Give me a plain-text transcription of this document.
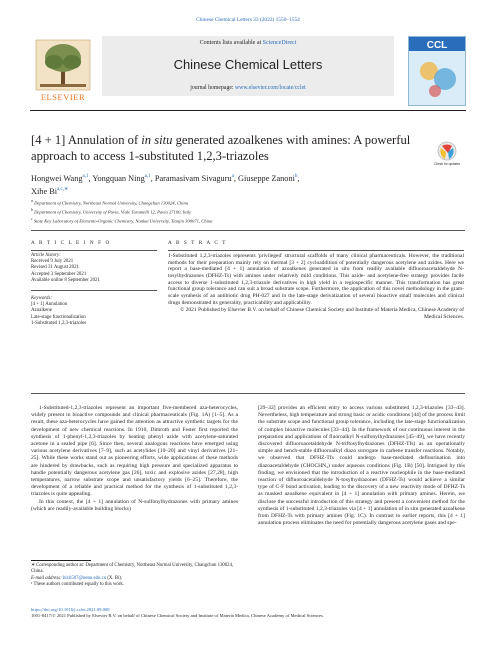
Chinese Chemical Letters 33 (2022) 1550–1554
ELSEVIER
Contents lists available at ScienceDirect
Chinese Chemical Letters
journal homepage: www.elsevier.com/locate/cclet
CCL
[4 + 1] Annulation of in situ generated azoalkenes with amines: A powerful approach to access 1-substituted 1,2,3-triazoles
Check for updates
Hongwei Wang$^{a,1}$, Yongquan Ning$^{a,1}$, Paramasivam Sivaguru$^a$, Giuseppe Zanoni$^b$,
Xihe $Bi^{a,c,∗}$
$^a$ Department of Chemistry, Northeast Normal University, Changchun 130024, China
$^b$ Department of Chemistry, University of Pavia, Viale Taramelli 12, Pavia 27100, Italy
$^c$ State Key Laboratory of Elemento-Organic Chemistry, Nankai University, Tianjin 300071, China
A R T I C L E I N F O	A B S T R A C T
Article history:
Received 9 July 2021
Revised 31 August 2021
Accepted 3 September 2021
Available online 8 September 2021
Keywords:
[4 + 1] Annulation
Azoalkene
Late-stage functionalization
1-Substituted 1,2,3-triazoles
1-Substituted 1,2,3-triazoles represents 'privileged' structural scaffolds of many clinical pharmaceuticals. However, the traditional methods for their preparation mainly rely on thermal [3 + 2] cycloaddition of potentially dangerous acetylene and azides. Here we report a base-mediated [4 + 1] annulation of azoalkenes generated in situ from readily available difluoroacetaldehyde N-tosylhydrazones (DFHZ-Ts) with amines under relatively mild conditions. This azide- and acetylene-free strategy provides facile access to diverse 1-substituted 1,2,3-triazole derivatives in high yield in a regiospecific manner. This transformation has great functional group tolerance and can suit a broad substrate scope. Furthermore, the application of this novel methodology in the gram-scale synthesis of an antibiotic drug PH-027 and in the late-stage derivatization of several bioactive small molecules and clinical drugs demonstrated its generality, practicability and applicability.
© 2021 Published by Elsevier B.V. on behalf of Chinese Chemical Society and Institute of Materia Medica, Chinese Academy of Medical Sciences.

1-Substituted-1,2,3-triazoles represent an important five-membered aza-heterocycles, widely present in bioactive compounds and clinical pharmaceuticals (Fig. 1A) [1–5]. As a result, these aza-heterocycles have gained the attention as attractive synthetic targets for the development of new chemical reactions. In 1910, Dimroth and Fester first reported the synthesis of 1-phenyl-1,2,3-triazoles by heating phenyl azide with acetylene-saturated acetone in a sealed pipe [6]. Since then, several analogous reactions have emerged using various acetylene derivatives [7–9], such as acetylides [10–20] and vinyl derivatives [21–25]. While these works stand out as pioneering efforts, wide applications of these methods are hindered by drawbacks, such as requiring high pressure and specialized apparatus to handle potentially dangerous acetylene gas [26], toxic and explosive azides [27,28], high temperatures, narrow substrate scope and unsatisfactory yields [6–25]. Therefore, the development of a reliable and practical method for the synthesis of 1-substituted 1,2,3-triazoles is quite appealing.

In this context, the [4 + 1] annulation of N-sulfonylhydrazones with primary amines (which are readily-available building blocks)

[29–32] provides an efficient entry to access various substituted 1,2,3-triazoles [33–43]. Nevertheless, high temperature and strong basic or acidic conditions [44] of the process limit the substrate scope and functional group tolerance, including the late-stage functionalization of complex bioactive molecules [33–44]. In the framework of our continuous interest in the preparation and applications of fluoroalkyl N-sulfonylhydrazones [45–49], we have recently discovered difluoroacetaldehyde N-triftosylhydrazones (DFHZ-Tfs) as an operationally simple and bench-stable difluoroalkyl diazo surrogate in carbene transfer reactions. Notably, we observed that DFHZ-Tfs could undergo base-mediated defluorination into diazoacetaldehyde (CHOCHN₂) under aqueous conditions (Fig. 1B) [50]. Intrigued by this finding, we envisioned that the introduction of a reactive nucleophile in the base-mediated reaction of difluoroacetaldehyde N-tosylhydrazones (DFHZ-Ts) would achieve a similar type of C-F bond activation, leading to the discovery of a new reactivity mode of DFHZ-Ts as masked azoalkene equivalent in [4 + 1] annulation with primary amines. Herein, we disclose the successful introduction of this strategy and present a convenient method for the synthesis of 1-substituted 1,2,3-triazoles via [4 + 1] annulation of in situ generated azoalkene from DFHZ-Ts with primary amines (Fig. 1C). In contrast to earlier reports, this [4 + 1] annulation process eliminates the need for potentially dangerous acetylene gases and spe-

∗ Corresponding author at: Department of Chemistry, Northeast Normal University, Changchun 130024, China.
E-mail address: bixh507@nenu.edu.cn (X. Bi).
¹ These authors contributed equally to this work.
https://doi.org/10.1016/j.cclet.2021.09.008
1001-8417/© 2021 Published by Elsevier B.V. on behalf of Chinese Chemical Society and Institute of Materia Medica, Chinese Academy of Medical Sciences.
